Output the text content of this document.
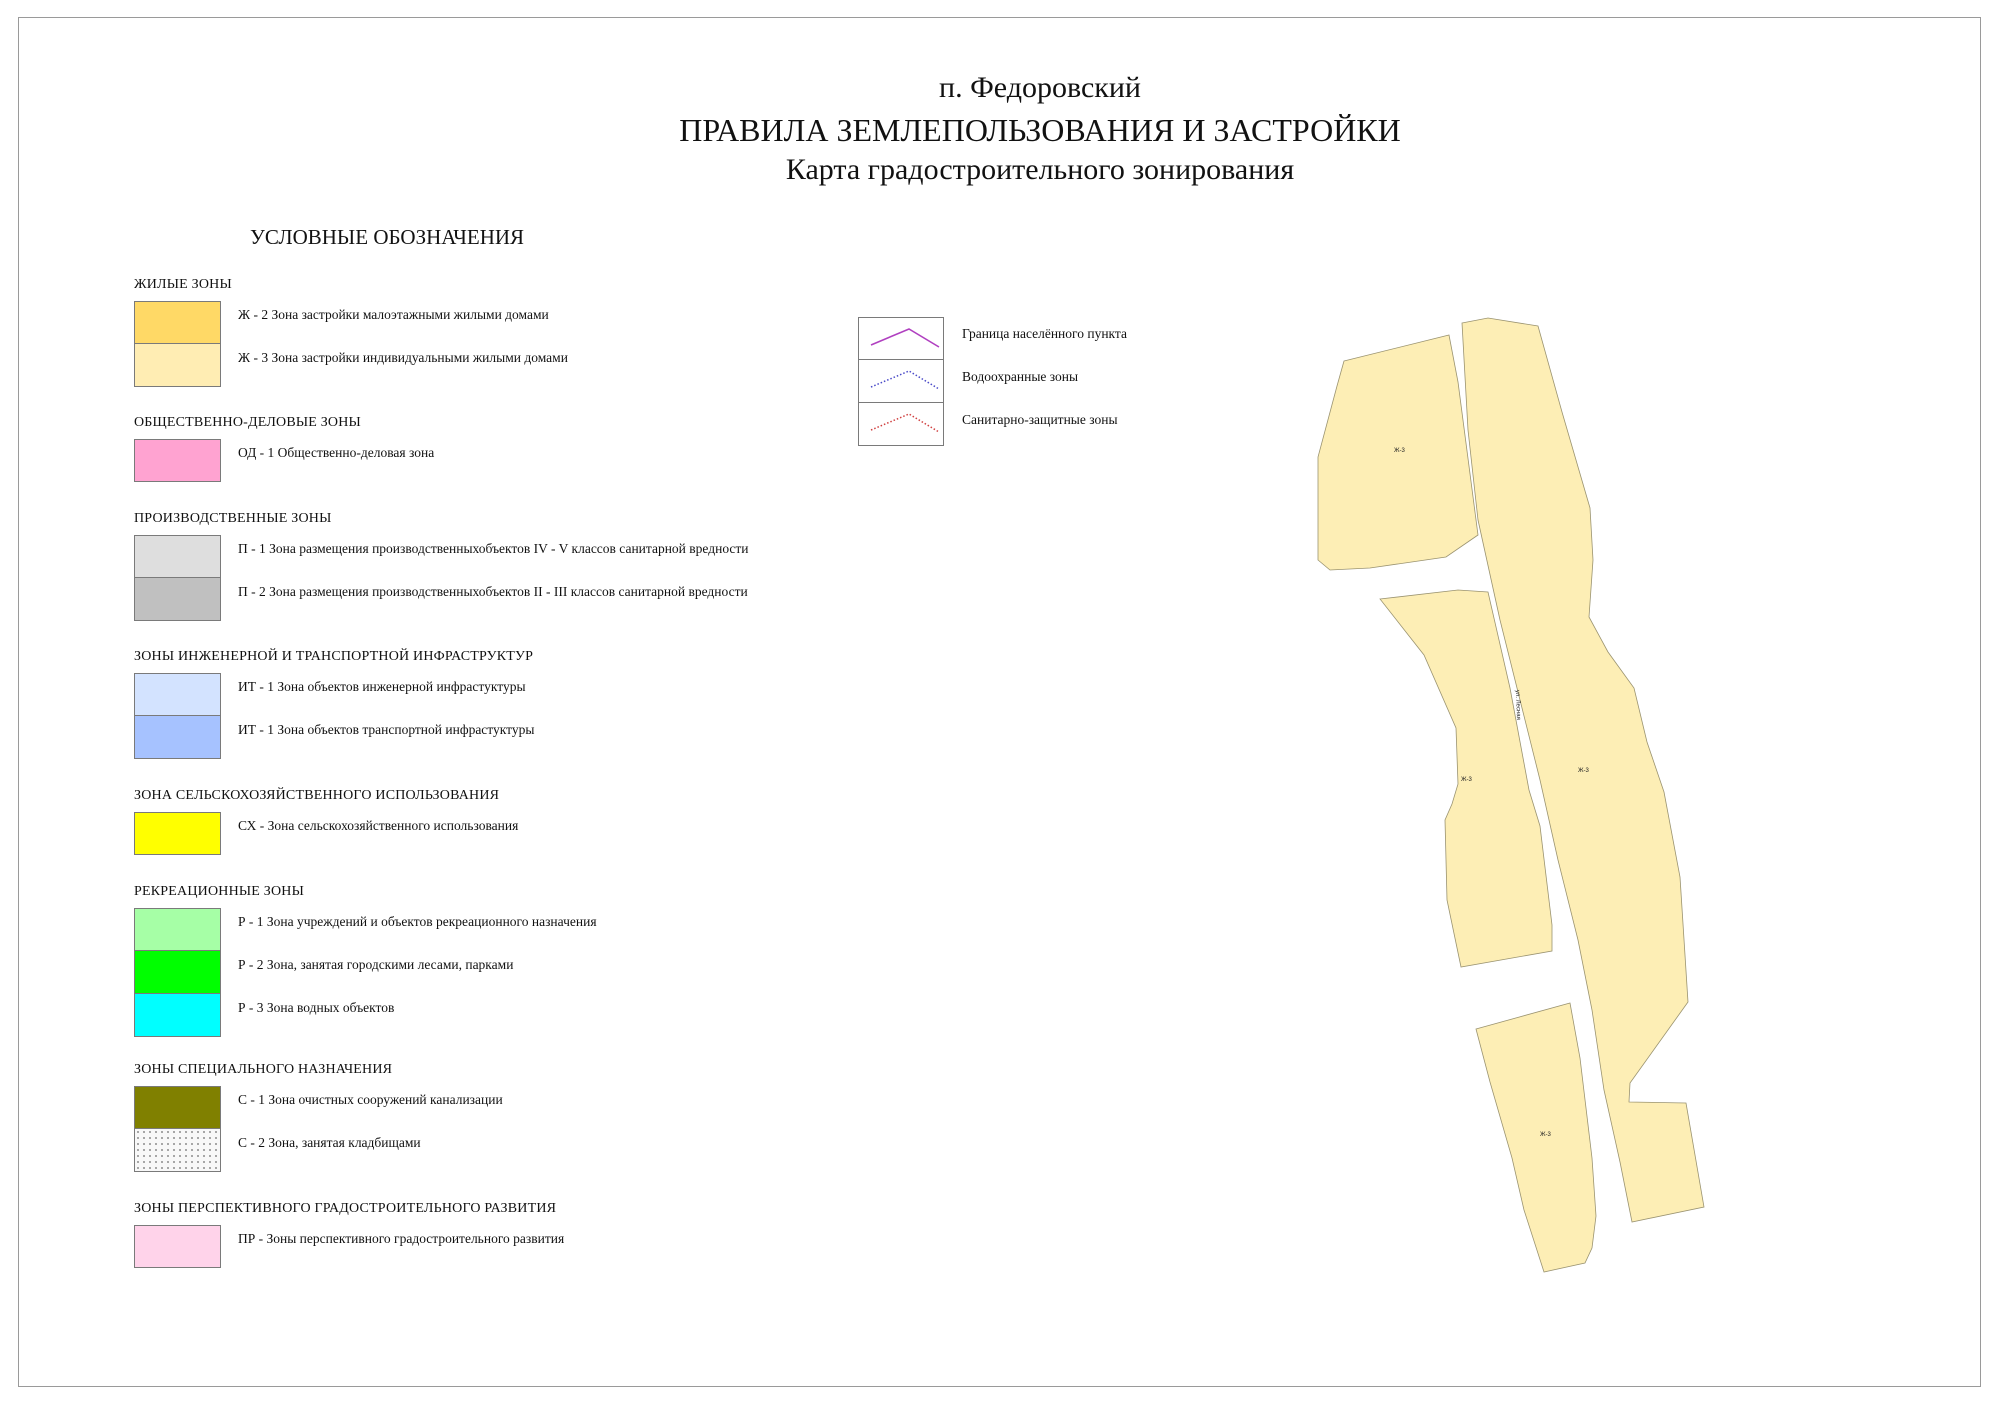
п. Федоровский
ПРАВИЛА ЗЕМЛЕПОЛЬЗОВАНИЯ И ЗАСТРОЙКИ
Карта градостроительного зонирования
УСЛОВНЫЕ ОБОЗНАЧЕНИЯ
ЖИЛЫЕ ЗОНЫ
Ж - 2 Зона застройки малоэтажными жилыми домами
Ж - 3 Зона застройки индивидуальными жилыми домами
ОБЩЕСТВЕННО-ДЕЛОВЫЕ ЗОНЫ
ОД - 1 Общественно-деловая зона
ПРОИЗВОДСТВЕННЫЕ ЗОНЫ
П - 1 Зона размещения производственныхобъектов IV - V классов санитарной вредности
П - 2 Зона размещения производственныхобъектов II - III классов санитарной вредности
ЗОНЫ ИНЖЕНЕРНОЙ И ТРАНСПОРТНОЙ ИНФРАСТРУКТУР
ИТ - 1 Зона объектов инженерной инфрастуктуры
ИТ - 1 Зона объектов транспортной инфрастуктуры
ЗОНА СЕЛЬСКОХОЗЯЙСТВЕННОГО ИСПОЛЬЗОВАНИЯ
СХ - Зона сельскохозяйственного использования
РЕКРЕАЦИОННЫЕ ЗОНЫ
Р - 1 Зона учреждений и объектов рекреационного назначения
Р - 2 Зона, занятая городскими лесами, парками
Р - 3 Зона водных объектов
ЗОНЫ СПЕЦИАЛЬНОГО НАЗНАЧЕНИЯ
С - 1 Зона очистных сооружений канализации
С - 2 Зона, занятая кладбищами
ЗОНЫ ПЕРСПЕКТИВНОГО ГРАДОСТРОИТЕЛЬНОГО РАЗВИТИЯ
ПР - Зоны перспективного градостроительного развития
Граница населённого пункта
Водоохранные зоны
Санитарно-защитные зоны
Ж-3
Ж-3
Ж-3
Ж-3
ул. Лесная
